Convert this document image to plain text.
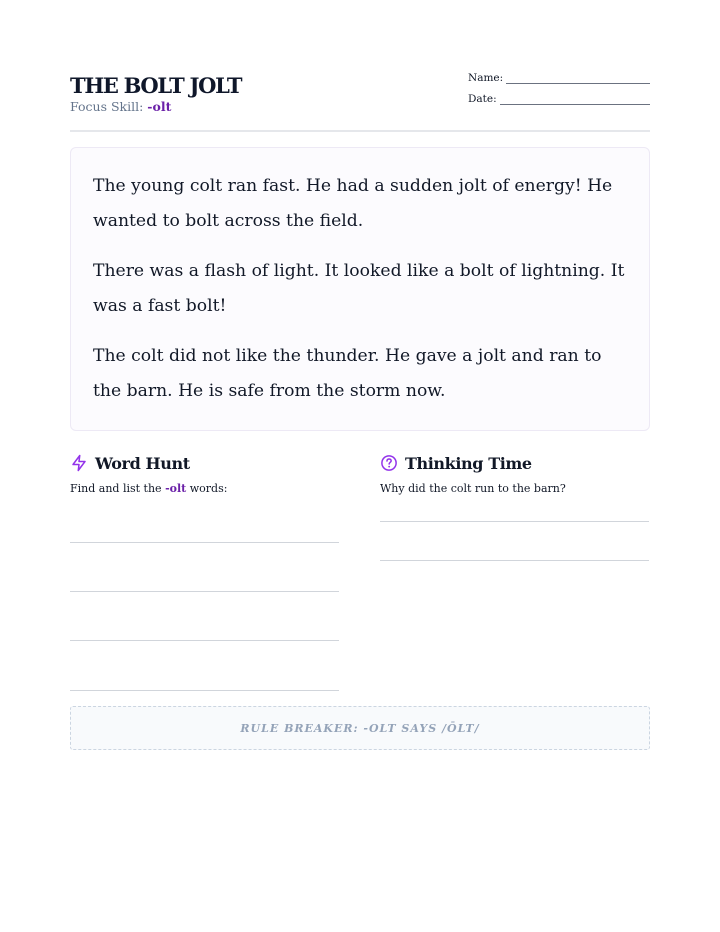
THE BOLT JOLT
Focus Skill: -olt
Name:
Date:

The young colt ran fast. He had a sudden jolt of energy! He wanted to bolt across the field.

There was a flash of light. It looked like a bolt of lightning. It was a fast bolt!

The colt did not like the thunder. He gave a jolt and ran to the barn. He is safe from the storm now.

Word Hunt
Find and list the -olt words:
Thinking Time
Why did the colt run to the barn?
RULE BREAKER: -OLT SAYS /ŌLT/
